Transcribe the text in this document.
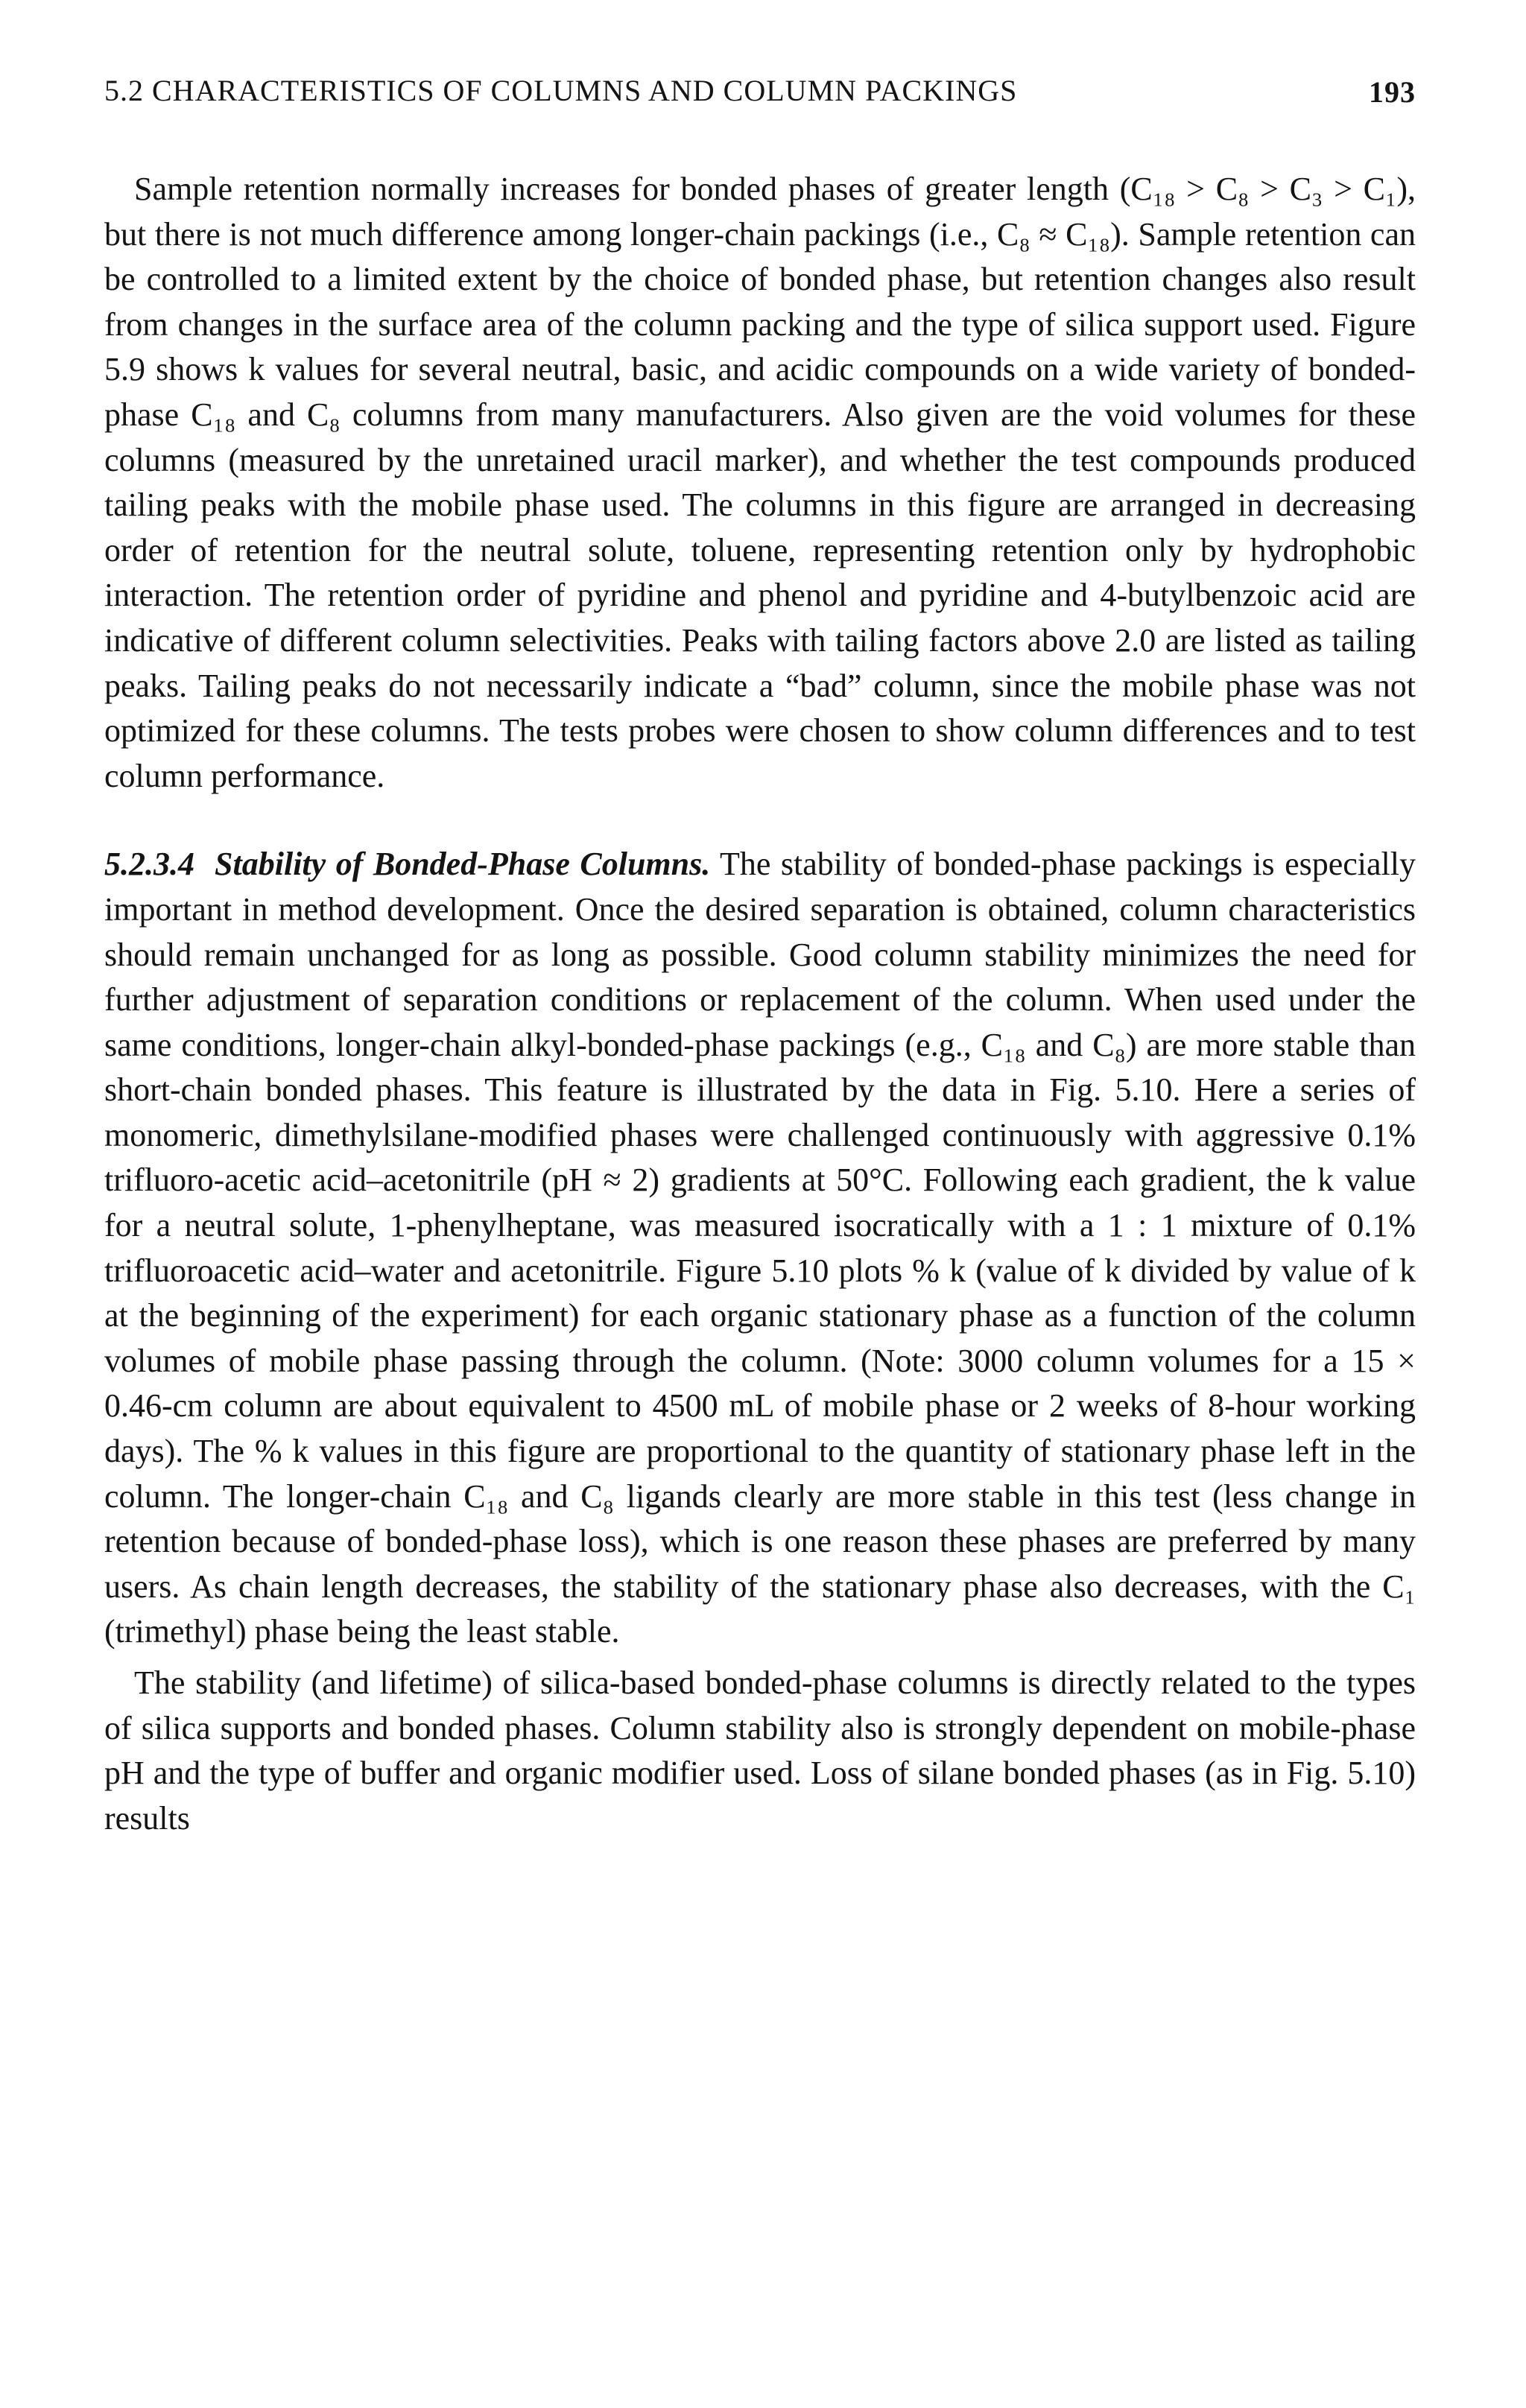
5.2 CHARACTERISTICS OF COLUMNS AND COLUMN PACKINGS	193

Sample retention normally increases for bonded phases of greater length (C₁₈ > C₈ > C₃ > C₁), but there is not much difference among longer-chain packings (i.e., C₈ ≈ C₁₈). Sample retention can be controlled to a limited extent by the choice of bonded phase, but retention changes also result from changes in the surface area of the column packing and the type of silica support used. Figure 5.9 shows k values for several neutral, basic, and acidic compounds on a wide variety of bonded-phase C₁₈ and C₈ columns from many manufacturers. Also given are the void volumes for these columns (measured by the unretained uracil marker), and whether the test compounds produced tailing peaks with the mobile phase used. The columns in this figure are arranged in decreasing order of retention for the neutral solute, toluene, representing retention only by hydrophobic interaction. The retention order of pyridine and phenol and pyridine and 4-butylbenzoic acid are indicative of different column selectivities. Peaks with tailing factors above 2.0 are listed as tailing peaks. Tailing peaks do not necessarily indicate a “bad” column, since the mobile phase was not optimized for these columns. The tests probes were chosen to show column differences and to test column performance.

5.2.3.4 Stability of Bonded-Phase Columns. The stability of bonded-phase packings is especially important in method development. Once the desired separation is obtained, column characteristics should remain unchanged for as long as possible. Good column stability minimizes the need for further adjustment of separation conditions or replacement of the column. When used under the same conditions, longer-chain alkyl-bonded-phase packings (e.g., C₁₈ and C₈) are more stable than short-chain bonded phases. This feature is illustrated by the data in Fig. 5.10. Here a series of monomeric, dimethylsilane-modified phases were challenged continuously with aggressive 0.1% trifluoro-acetic acid–acetonitrile (pH ≈ 2) gradients at 50°C. Following each gradient, the k value for a neutral solute, 1-phenylheptane, was measured isocratically with a 1 : 1 mixture of 0.1% trifluoroacetic acid–water and acetonitrile. Figure 5.10 plots % k (value of k divided by value of k at the beginning of the experiment) for each organic stationary phase as a function of the column volumes of mobile phase passing through the column. (Note: 3000 column volumes for a 15 × 0.46-cm column are about equivalent to 4500 mL of mobile phase or 2 weeks of 8-hour working days). The % k values in this figure are proportional to the quantity of stationary phase left in the column. The longer-chain C₁₈ and C₈ ligands clearly are more stable in this test (less change in retention because of bonded-phase loss), which is one reason these phases are preferred by many users. As chain length decreases, the stability of the stationary phase also decreases, with the C₁ (trimethyl) phase being the least stable.

The stability (and lifetime) of silica-based bonded-phase columns is directly related to the types of silica supports and bonded phases. Column stability also is strongly dependent on mobile-phase pH and the type of buffer and organic modifier used. Loss of silane bonded phases (as in Fig. 5.10) results
